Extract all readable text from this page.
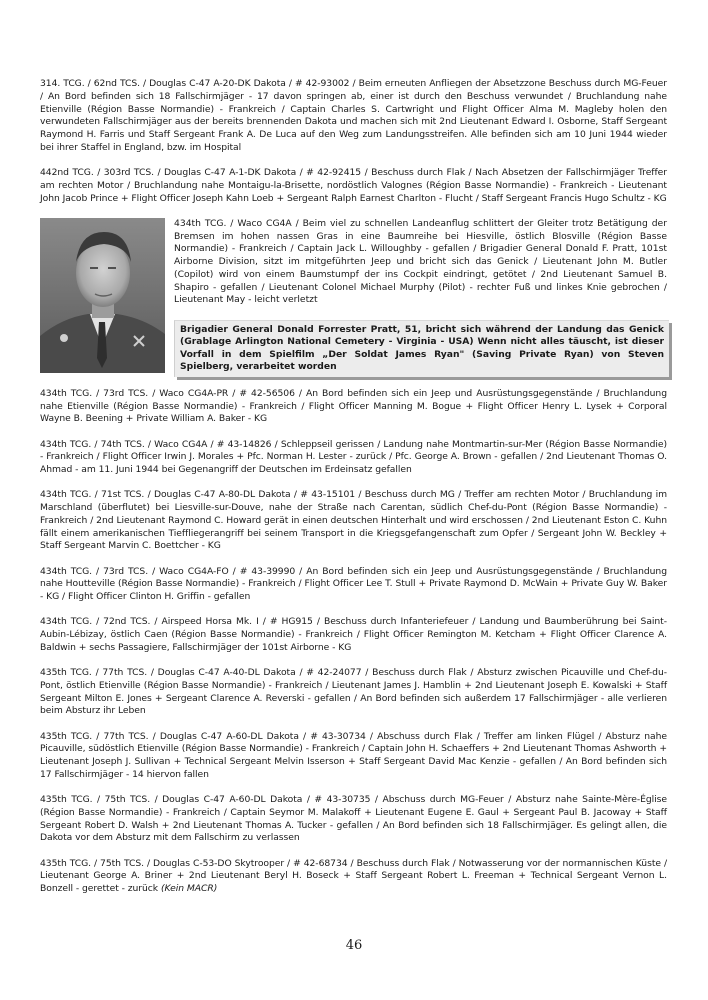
314. TCG. / 62nd TCS. / Douglas C-47 A-20-DK Dakota / # 42-93002 / Beim erneuten Anfliegen der Absetzzone Beschuss durch MG-Feuer / An Bord befinden sich 18 Fallschirmjäger - 17 davon springen ab, einer ist durch den Beschuss verwundet / Bruchlandung nahe Etienville (Région Basse Normandie) - Frankreich / Captain Charles S. Cartwright und Flight Officer Alma M. Magleby holen den verwundeten Fallschirmjäger aus der bereits brennenden Dakota und machen sich mit 2nd Lieutenant Edward I. Osborne, Staff Sergeant Raymond H. Farris und Staff Sergeant Frank A. De Luca auf den Weg zum Landungsstreifen. Alle befinden sich am 10 Juni 1944 wieder bei ihrer Staffel in England, bzw. im Hospital

442nd TCG. / 303rd TCS. / Douglas C-47 A-1-DK Dakota / # 42-92415 / Beschuss durch Flak / Nach Absetzen der Fallschirmjäger Treffer am rechten Motor / Bruchlandung nahe Montaigu-la-Brisette, nordöstlich Valognes (Région Basse Normandie) - Frankreich - Lieutenant John Jacob Prince + Flight Officer Joseph Kahn Loeb + Sergeant Ralph Earnest Charlton - Flucht / Staff Sergeant Francis Hugo Schultz - KG

434th TCG. / Waco CG4A / Beim viel zu schnellen Landeanflug schlittert der Gleiter trotz Betätigung der Bremsen im hohen nassen Gras in eine Baumreihe bei Hiesville, östlich Blosville (Région Basse Normandie) - Frankreich / Captain Jack L. Willoughby - gefallen / Brigadier General Donald F. Pratt, 101st Airborne Division, sitzt im mitgeführten Jeep und bricht sich das Genick / Lieutenant John M. Butler (Copilot) wird von einem Baumstumpf der ins Cockpit eindringt, getötet / 2nd Lieutenant Samuel B. Shapiro - gefallen / Lieutenant Colonel Michael Murphy (Pilot) - rechter Fuß und linkes Knie gebrochen / Lieutenant May - leicht verletzt

Brigadier General Donald Forrester Pratt, 51, bricht sich während der Landung das Genick (Grablage Arlington National Cemetery - Virginia - USA) Wenn nicht alles täuscht, ist dieser Vorfall in dem Spielfilm „Der Soldat James Ryan" (Saving Private Ryan) von Steven Spielberg, verarbeitet worden

434th TCG. / 73rd TCS. / Waco CG4A-PR / # 42-56506 / An Bord befinden sich ein Jeep und Ausrüstungsgegenstände / Bruchlandung nahe Etienville (Région Basse Normandie) - Frankreich / Flight Officer Manning M. Bogue + Flight Officer Henry L. Lysek + Corporal Wayne B. Beening + Private William A. Baker - KG

434th TCG. / 74th TCS. / Waco CG4A / # 43-14826 / Schleppseil gerissen / Landung nahe Montmartin-sur-Mer (Région Basse Normandie) - Frankreich / Flight Officer Irwin J. Morales + Pfc. Norman H. Lester - zurück / Pfc. George A. Brown - gefallen / 2nd Lieutenant Thomas O. Ahmad - am 11. Juni 1944 bei Gegenangriff der Deutschen im Erdeinsatz gefallen

434th TCG. / 71st TCS. / Douglas C-47 A-80-DL Dakota / # 43-15101 / Beschuss durch MG / Treffer am rechten Motor / Bruchlandung im Marschland (überflutet) bei Liesville-sur-Douve, nahe der Straße nach Carentan, südlich Chef-du-Pont (Région Basse Normandie) - Frankreich / 2nd Lieutenant Raymond C. Howard gerät in einen deutschen Hinterhalt und wird erschossen / 2nd Lieutenant Eston C. Kuhn fällt einem amerikanischen Tieffliegerangriff bei seinem Transport in die Kriegsgefangenschaft zum Opfer / Sergeant John W. Beckley + Staff Sergeant Marvin C. Boettcher - KG

434th TCG. / 73rd TCS. / Waco CG4A-FO / # 43-39990 / An Bord befinden sich ein Jeep und Ausrüstungsgegenstände / Bruchlandung nahe Houtteville (Région Basse Normandie) - Frankreich / Flight Officer Lee T. Stull + Private Raymond D. McWain + Private Guy W. Baker - KG / Flight Officer Clinton H. Griffin - gefallen

434th TCG. / 72nd TCS. / Airspeed Horsa Mk. I / # HG915 / Beschuss durch Infanteriefeuer / Landung und Baumberührung bei Saint-Aubin-Lébizay, östlich Caen (Région Basse Normandie) - Frankreich / Flight Officer Remington M. Ketcham + Flight Officer Clarence A. Baldwin + sechs Passagiere, Fallschirmjäger der 101st Airborne - KG

435th TCG. / 77th TCS. / Douglas C-47 A-40-DL Dakota / # 42-24077 / Beschuss durch Flak / Absturz zwischen Picauville und Chef-du-Pont, östlich Etienville (Région Basse Normandie) - Frankreich / Lieutenant James J. Hamblin + 2nd Lieutenant Joseph E. Kowalski + Staff Sergeant Milton E. Jones + Sergeant Clarence A. Reverski - gefallen / An Bord befinden sich außerdem 17 Fallschirmjäger - alle verlieren beim Absturz ihr Leben

435th TCG. / 77th TCS. / Douglas C-47 A-60-DL Dakota / # 43-30734 / Abschuss durch Flak / Treffer am linken Flügel / Absturz nahe Picauville, südöstlich Etienville (Région Basse Normandie) - Frankreich / Captain John H. Schaeffers + 2nd Lieutenant Thomas Ashworth + Lieutenant Joseph J. Sullivan + Technical Sergeant Melvin Isserson + Staff Sergeant David Mac Kenzie - gefallen / An Bord befinden sich 17 Fallschirmjäger - 14 hiervon fallen

435th TCG. / 75th TCS. / Douglas C-47 A-60-DL Dakota / # 43-30735 / Abschuss durch MG-Feuer / Absturz nahe Sainte-Mère-Église (Région Basse Normandie) - Frankreich / Captain Seymor M. Malakoff + Lieutenant Eugene E. Gaul + Sergeant Paul B. Jacoway + Staff Sergeant Robert D. Walsh + 2nd Lieutenant Thomas A. Tucker - gefallen / An Bord befinden sich 18 Fallschirmjäger. Es gelingt allen, die Dakota vor dem Absturz mit dem Fallschirm zu verlassen

435th TCG. / 75th TCS. / Douglas C-53-DO Skytrooper / # 42-68734 / Beschuss durch Flak / Notwasserung vor der normannischen Küste / Lieutenant George A. Briner + 2nd Lieutenant Beryl H. Boseck + Staff Sergeant Robert L. Freeman + Technical Sergeant Vernon L. Bonzell - gerettet - zurück (Kein MACR)

46
